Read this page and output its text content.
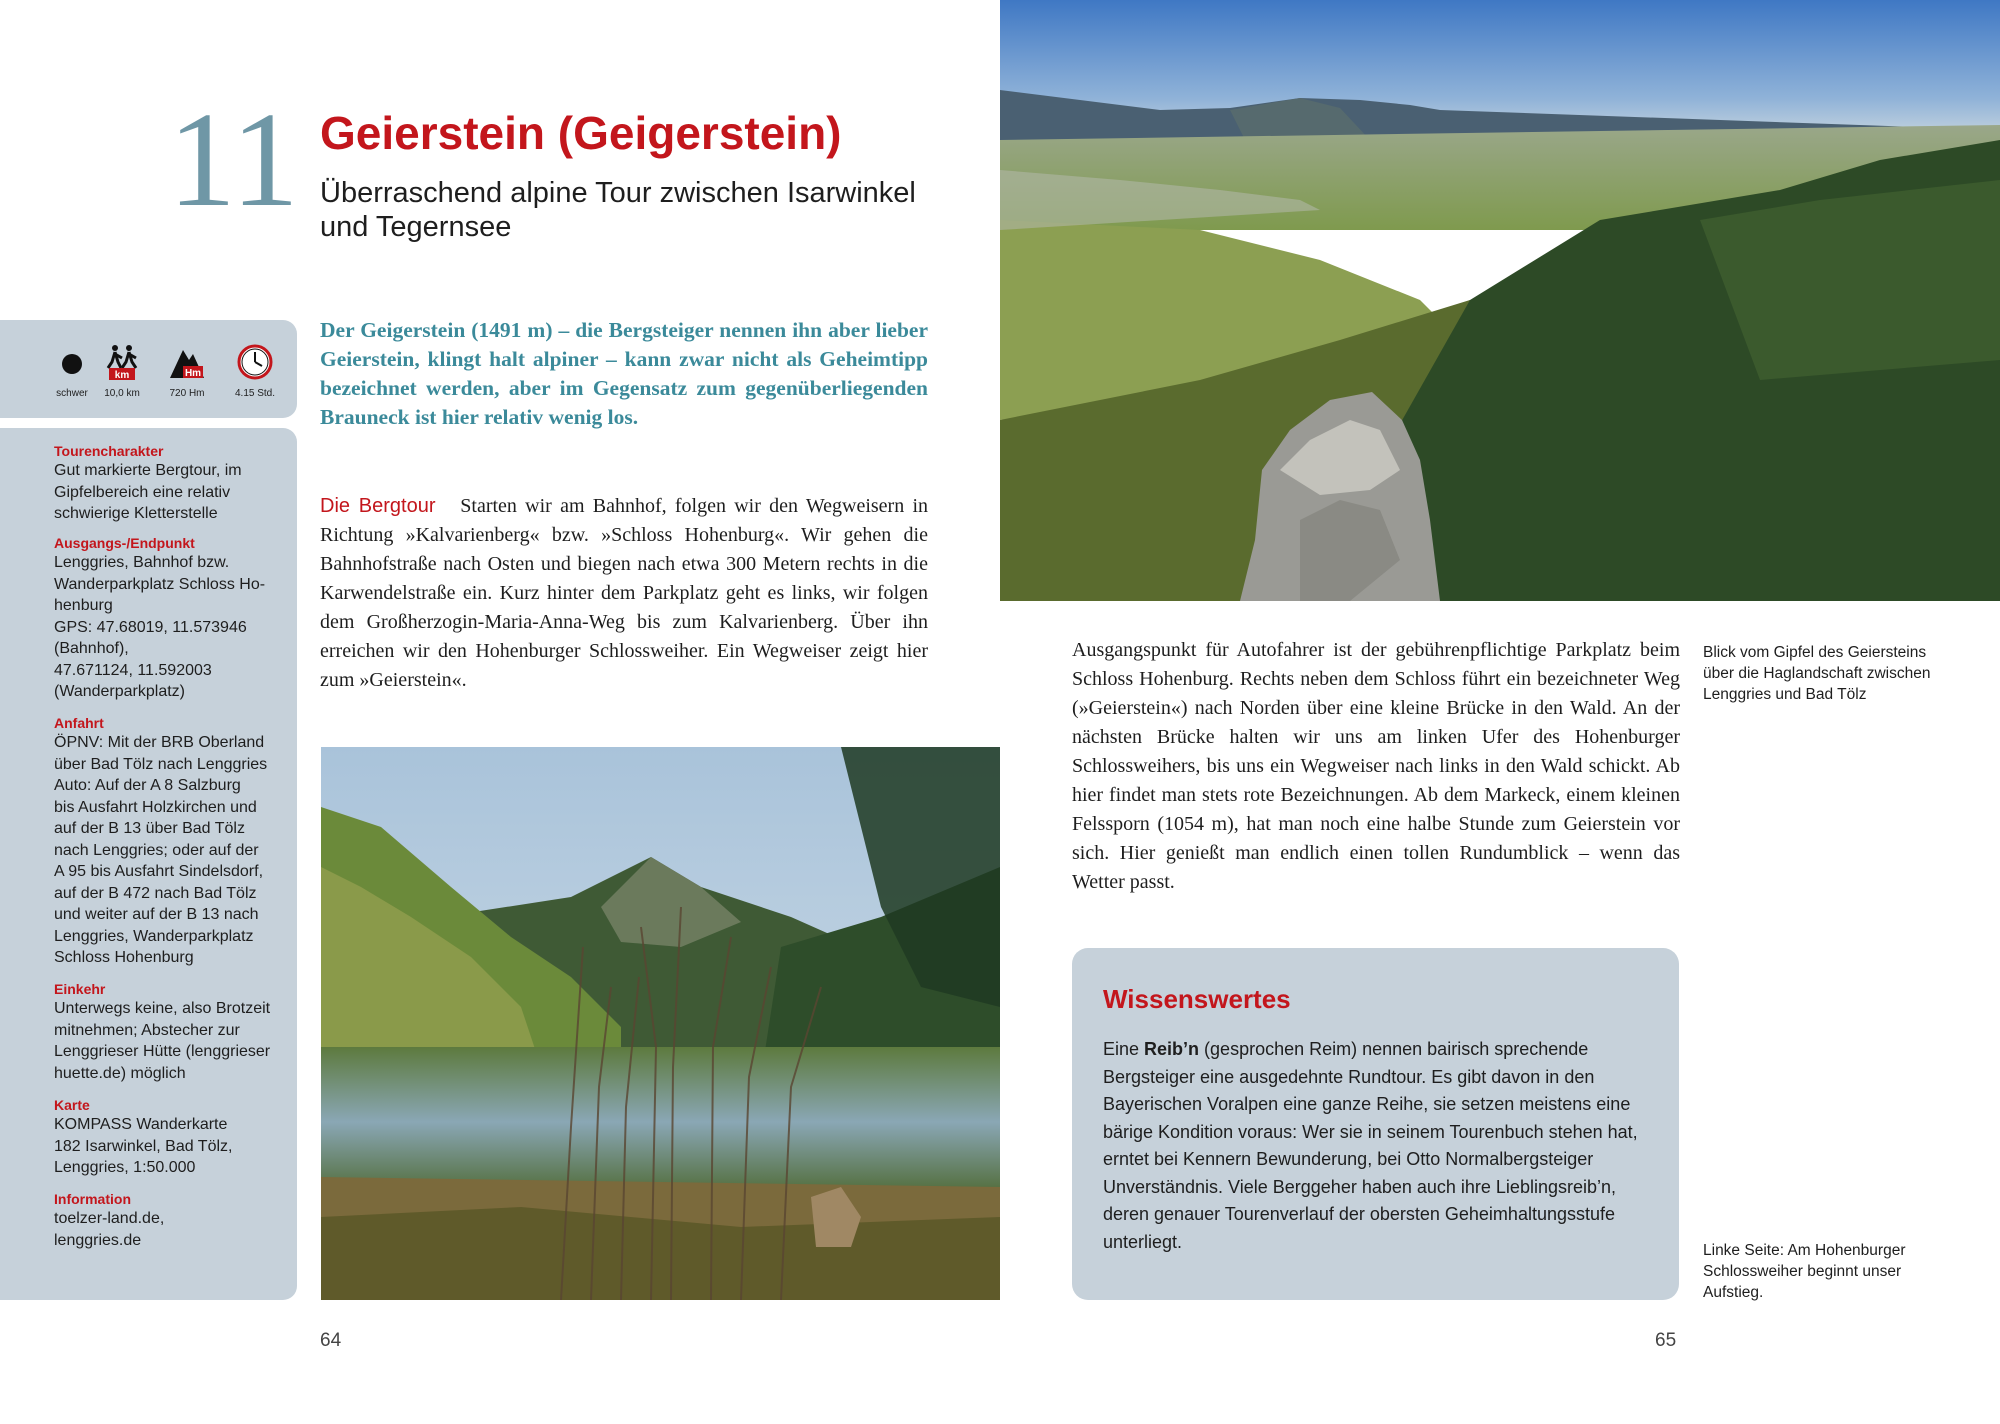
11 Geierstein (Geigerstein)
Überraschend alpine Tour zwischen Isarwinkel und Tegernsee
schwer
km
10,0 km
Hm
720 Hm	4.15 Std.
Tourencharakter
Gut markierte Bergtour, im
Gipfelbereich eine relativ
schwierige Kletterstelle
Ausgangs-/Endpunkt
Lenggries, Bahnhof bzw.
Wanderparkplatz Schloss Ho-
henburg
GPS: 47.68019, 11.573946
(Bahnhof),
47.671124, 11.592003
(Wanderparkplatz)
Anfahrt
ÖPNV: Mit der BRB Oberland
über Bad Tölz nach Lenggries
Auto: Auf der A 8 Salzburg
bis Ausfahrt Holzkirchen und
auf der B 13 über Bad Tölz
nach Lenggries; oder auf der
A 95 bis Ausfahrt Sindelsdorf,
auf der B 472 nach Bad Tölz
und weiter auf der B 13 nach
Lenggries, Wanderparkplatz
Schloss Hohenburg
Einkehr
Unterwegs keine, also Brotzeit
mitnehmen; Abstecher zur
Lenggrieser Hütte (lenggrieser
huette.de) möglich
Karte
KOMPASS Wanderkarte
182 Isarwinkel, Bad Tölz,
Lenggries, 1:50.000
Information
toelzer-land.de,
lenggries.de
Der Geigerstein (1491 m) – die Bergsteiger nennen ihn aber lieber Geierstein, klingt halt alpiner – kann zwar nicht als Geheimtipp bezeichnet werden, aber im Gegensatz zum gegenüberliegenden Brauneck ist hier relativ wenig los.
Die Bergtour Starten wir am Bahnhof, folgen wir den Wegweisern in Richtung »Kalvarienberg« bzw. »Schloss Hohenburg«. Wir gehen die Bahnhofstraße nach Osten und biegen nach etwa 300 Metern rechts in die Karwendelstraße ein. Kurz hinter dem Parkplatz geht es links, wir folgen dem Großherzogin-Maria-Anna-Weg bis zum Kalvarienberg. Über ihn erreichen wir den Hohenburger Schlossweiher. Ein Wegweiser zeigt hier zum »Geierstein«.
Ausgangspunkt für Autofahrer ist der gebührenpflichtige Parkplatz beim Schloss Hohenburg. Rechts neben dem Schloss führt ein bezeichneter Weg (»Geierstein«) nach Norden über eine kleine Brücke in den Wald. An der nächsten Brücke halten wir uns am linken Ufer des Hohenburger Schlossweihers, bis uns ein Wegweiser nach links in den Wald schickt. Ab hier findet man stets rote Bezeichnungen. Ab dem Markeck, einem kleinen Felssporn (1054 m), hat man noch eine halbe Stunde zum Geierstein vor sich. Hier genießt man endlich einen tollen Rundumblick – wenn das Wetter passt.
Blick vom Gipfel des Geiersteins über die Haglandschaft zwischen Lenggries und Bad Tölz
Linke Seite: Am Hohenburger Schlossweiher beginnt unser Aufstieg.
Wissenswertes
Eine Reib’n (gesprochen Reim) nennen bairisch sprechende Bergsteiger eine ausgedehnte Rundtour. Es gibt davon in den Bayerischen Voralpen eine ganze Reihe, sie setzen meistens eine bärige Kondition voraus: Wer sie in seinem Tourenbuch stehen hat, erntet bei Kennern Bewunderung, bei Otto Normalbergsteiger Unverständnis. Viele Berggeher haben auch ihre Lieblingsreib’n, deren genauer Tourenverlauf der obersten Geheimhaltungsstufe unterliegt.
64	65
